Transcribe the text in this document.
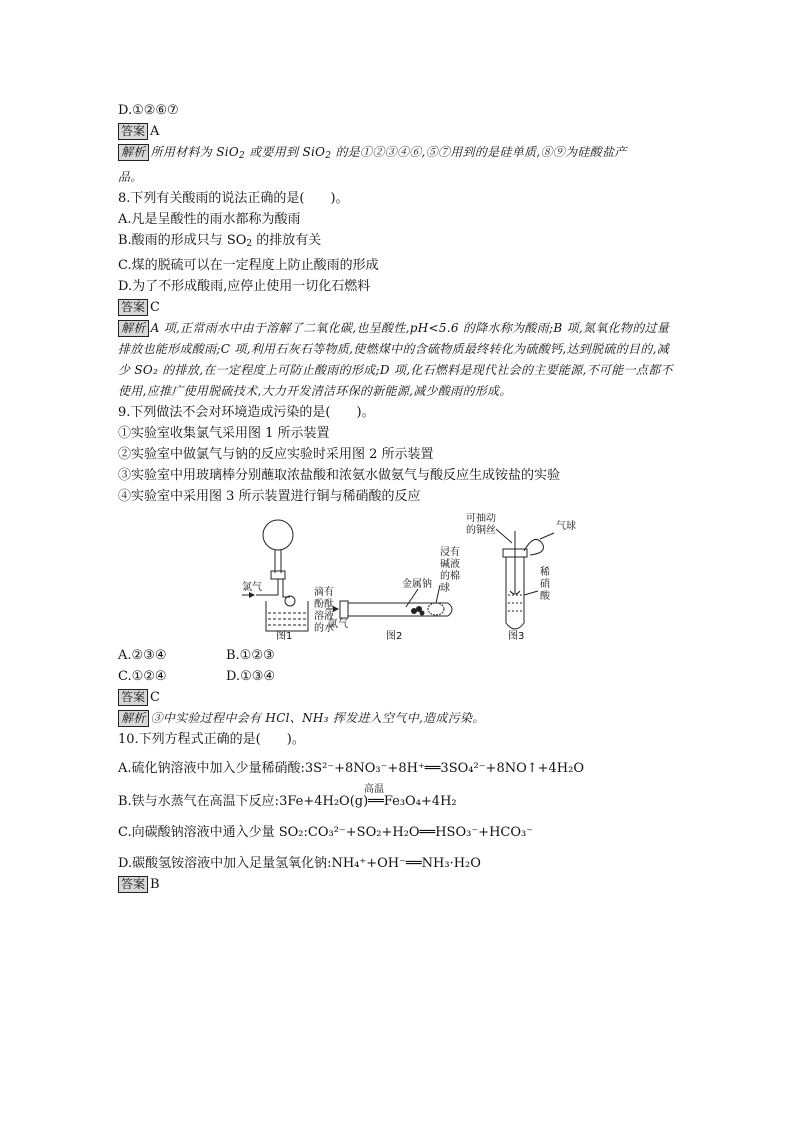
D.①②⑥⑦

答案 A

解析 所用材料为 SiO$_2$ 或要用到 SiO$_2$ 的是①②③④⑥,⑤⑦用到的是硅单质,⑧⑨为硅酸盐产
品。

8.下列有关酸雨的说法正确的是(　　)。

A.凡是呈酸性的雨水都称为酸雨

B.酸雨的形成只与 $SO_2$ 的排放有关

C.煤的脱硫可以在一定程度上防止酸雨的形成

D.为了不形成酸雨,应停止使用一切化石燃料

答案 C

解析 A 项,正常雨水中由于溶解了二氧化碳,也呈酸性,pH<5.6 的降水称为酸雨;B 项,氮氧化物的过量排放也能形成酸雨;C 项,利用石灰石等物质,使燃煤中的含硫物质最终转化为硫酸钙,达到脱硫的目的,减少 SO₂ 的排放,在一定程度上可防止酸雨的形成;D 项,化石燃料是现代社会的主要能源,不可能一点都不使用,应推广使用脱硫技术,大力开发清洁环保的新能源,减少酸雨的形成。

9.下列做法不会对环境造成污染的是(　　)。

①实验室收集氯气采用图 1 所示装置

②实验室中做氯气与钠的反应实验时采用图 2 所示装置

③实验室中用玻璃棒分别蘸取浓盐酸和浓氨水做氨气与酸反应生成铵盐的实验

④实验室中采用图 3 所示装置进行铜与稀硝酸的反应

氯气	滴有
酚酞
溶液
的水
图1
氯气
金属钠
浸有
碱液
的棉
球
图2
可抽动
的铜丝	气球
稀
硝
酸
图3

A.②③④	B.①②③

C.①②④	D.①③④

答案 C

解析 ③中实验过程中会有 HCl、NH₃ 挥发进入空气中,造成污染。

10.下列方程式正确的是(　　)。

A.硫化钠溶液中加入少量稀硝酸:3S²⁻+8NO₃⁻+8H⁺══3SO₄²⁻+8NO↑+4H₂O

高温

B.铁与水蒸气在高温下反应:3Fe+4H₂O(g)══Fe₃O₄+4H₂

C.向碳酸钠溶液中通入少量 SO₂:CO₃²⁻+SO₂+H₂O══HSO₃⁻+HCO₃⁻

D.碳酸氢铵溶液中加入足量氢氧化钠:NH₄⁺+OH⁻══NH₃·H₂O

答案 B
